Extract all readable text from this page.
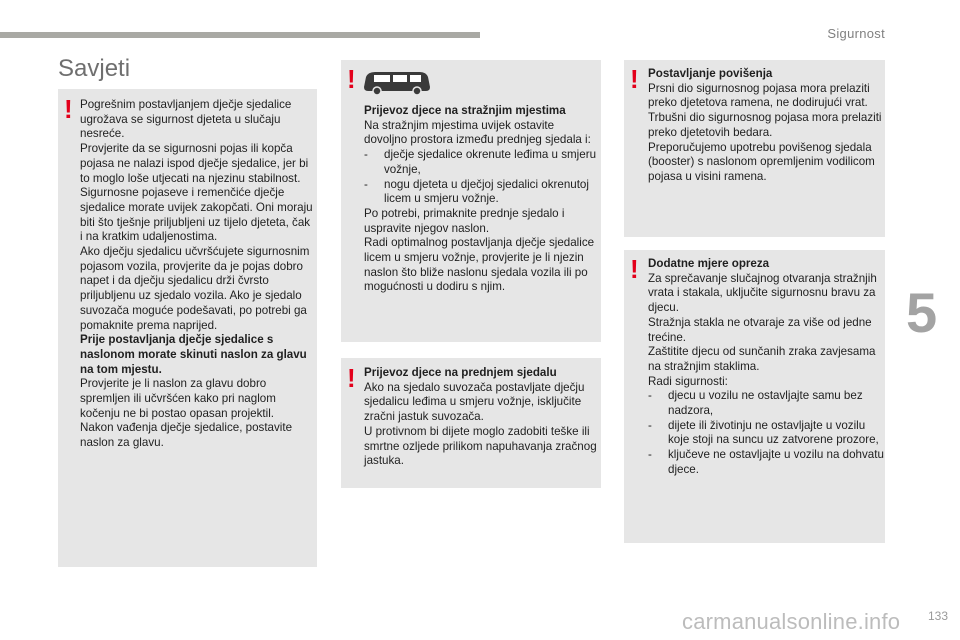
Sigurnost
Savjeti
! Pogrešnim postavljanjem dječje sjedalice ugrožava se sigurnost djeteta u slučaju nesreće.

Provjerite da se sigurnosni pojas ili kopča pojasa ne nalazi ispod dječje sjedalice, jer bi to moglo loše utjecati na njezinu stabilnost.

Sigurnosne pojaseve i remenčiće dječje sjedalice morate uvijek zakopčati. Oni moraju biti što tješnje priljubljeni uz tijelo djeteta, čak i na kratkim udaljenostima.

Ako dječju sjedalicu učvršćujete sigurnosnim pojasom vozila, provjerite da je pojas dobro napet i da dječju sjedalicu drži čvrsto priljubljenu uz sjedalo vozila. Ako je sjedalo suvozača moguće podešavati, po potrebi ga pomaknite prema naprijed.

Prije postavljanja dječje sjedalice s naslonom morate skinuti naslon za glavu na tom mjestu.

Provjerite je li naslon za glavu dobro spremljen ili učvršćen kako pri naglom kočenju ne bi postao opasan projektil.

Nakon vađenja dječje sjedalice, postavite naslon za glavu.

!

Prijevoz djece na stražnjim mjestima

Na stražnjim mjestima uvijek ostavite dovoljno prostora između prednjeg sjedala i:

- dječje sjedalice okrenute leđima u smjeru vožnje,
- nogu djeteta u dječjoj sjedalici okrenutoj licem u smjeru vožnje.

Po potrebi, primaknite prednje sjedalo i uspravite njegov naslon.

Radi optimalnog postavljanja dječje sjedalice licem u smjeru vožnje, provjerite je li njezin naslon što bliže naslonu sjedala vozila ili po mogućnosti u dodiru s njim.

! Prijevoz djece na prednjem sjedalu

Ako na sjedalo suvozača postavljate dječju sjedalicu leđima u smjeru vožnje, isključite zračni jastuk suvozača.

U protivnom bi dijete moglo zadobiti teške ili smrtne ozljede prilikom napuhavanja zračnog jastuka.

! Postavljanje povišenja

Prsni dio sigurnosnog pojasa mora prelaziti preko djetetova ramena, ne dodirujući vrat.

Trbušni dio sigurnosnog pojasa mora prelaziti preko djetetovih bedara.

Preporučujemo upotrebu povišenog sjedala (booster) s naslonom opremljenim vodilicom pojasa u visini ramena.

! Dodatne mjere opreza

Za sprečavanje slučajnog otvaranja stražnjih vrata i stakala, uključite sigurnosnu bravu za djecu.

Stražnja stakla ne otvaraje za više od jedne trećine.

Zaštitite djecu od sunčanih zraka zavjesama na stražnjim staklima.

Radi sigurnosti:

- djecu u vozilu ne ostavljajte samu bez nadzora,
- dijete ili životinju ne ostavljajte u vozilu koje stoji na suncu uz zatvorene prozore,
- ključeve ne ostavljajte u vozilu na dohvatu djece.
5
carmanualsonline.info 133
